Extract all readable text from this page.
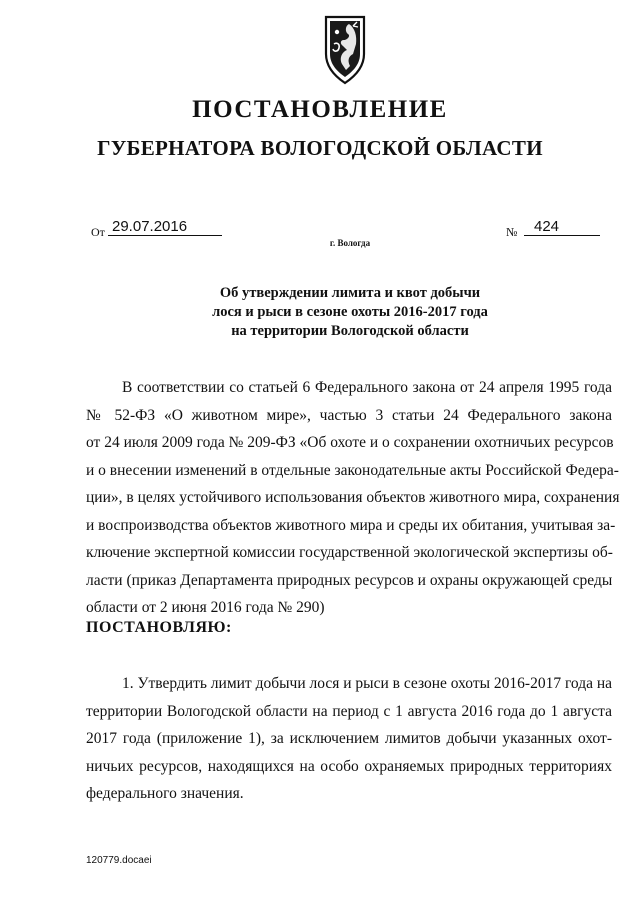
ПОСТАНОВЛЕНИЕ
ГУБЕРНАТОРА ВОЛОГОДСКОЙ ОБЛАСТИ
От 29.07.2016	№	424
г. Вологда
Об утверждении лимита и квот добычи
лося и рыси в сезоне охоты 2016-2017 года
на территории Вологодской области
В соответствии со статьей 6 Федерального закона от 24 апреля 1995 года
№ 52-ФЗ «О животном мире», частью 3 статьи 24 Федерального закона
от 24 июля 2009 года № 209-ФЗ «Об охоте и о сохранении охотничьих ресурсов
и о внесении изменений в отдельные законодательные акты Российской Федера-
ции», в целях устойчивого использования объектов животного мира, сохранения
и воспроизводства объектов животного мира и среды их обитания, учитывая за-
ключение экспертной комиссии государственной экологической экспертизы об-
ласти (приказ Департамента природных ресурсов и охраны окружающей среды
области от 2 июня 2016 года № 290)
ПОСТАНОВЛЯЮ:
1. Утвердить лимит добычи лося и рыси в сезоне охоты 2016-2017 года на
территории Вологодской области на период с 1 августа 2016 года до 1 августа
2017 года (приложение 1), за исключением лимитов добычи указанных охот-
ничьих ресурсов, находящихся на особо охраняемых природных территориях
федерального значения.
120779.docaei
